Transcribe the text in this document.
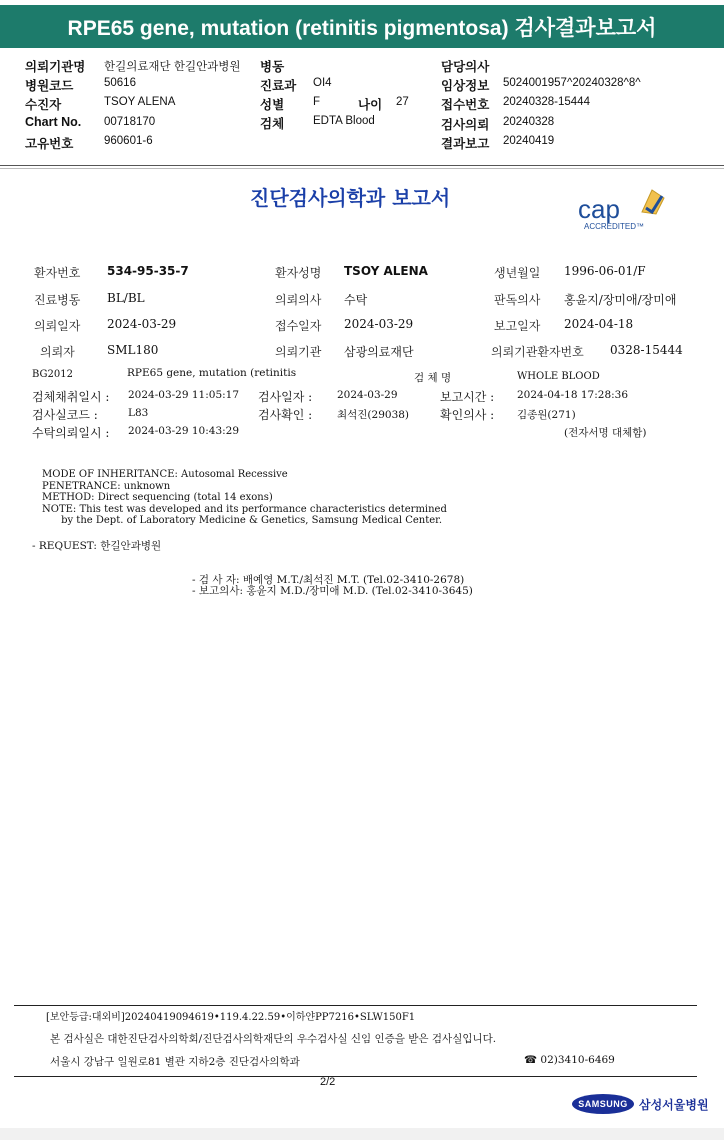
RPE65 gene, mutation (retinitis pigmentosa) 검사결과보고서
의뢰기관명 한길의료재단 한길안과병원 병동	담당의사
병원코드	50616	진료과 OI4	임상정보 5024001957^20240328^8^
수진자	TSOY ALENA	성별	F	나이 27	접수번호 20240328-15444
Chart No. 00718170	검체	EDTA Blood	검사의뢰 20240328
고유번호	960601-6	결과보고 20240419
진단검사의학과 보고서	cap
ACCREDITED™
환자번호 534-95-35-7	환자성명 TSOY ALENA	생년월일 1996-06-01/F
진료병동 BL/BL	의뢰의사 수탁	판독의사 홍윤지/장미애/장미애
의뢰일자 2024-03-29	접수일자 2024-03-29	보고일자 2024-04-18
의뢰자	SML180	의뢰기관 삼광의료재단	의뢰기관환자번호 0328-15444
BG2012	RPE65 gene, mutation (retinitis	검 체 명	WHOLE BLOOD
검체채취일시 : 2024-03-29 11:05:17 검사일자 : 2024-03-29	보고시간 : 2024-04-18 17:28:36
검사실코드 :	L83	검사확인 : 최석진(29038)	확인의사 : 김종원(271)
수탁의뢰일시 : 2024-03-29 10:43:29	(전자서명 대체함)
MODE OF INHERITANCE: Autosomal Recessive
PENETRANCE: unknown
METHOD: Direct sequencing (total 14 exons)
NOTE: This test was developed and its performance characteristics determined
by the Dept. of Laboratory Medicine & Genetics, Samsung Medical Center.
- REQUEST: 한길안과병원
- 검 사 자: 배예영 M.T./최석진 M.T. (Tel.02-3410-2678)
- 보고의사: 홍윤지 M.D./장미애 M.D. (Tel.02-3410-3645)
[보안등급:대외비]20240419094619•119.4.22.59•이하얀PP7216•SLW150F1
본 검사실은 대한진단검사의학회/진단검사의학재단의 우수검사실 신임 인증을 받은 검사실입니다.
서울시 강남구 일원로81 별관 지하2층 진단검사의학과	☎ 02)3410-6469
2/2
SAMSUNG 삼성서울병원
